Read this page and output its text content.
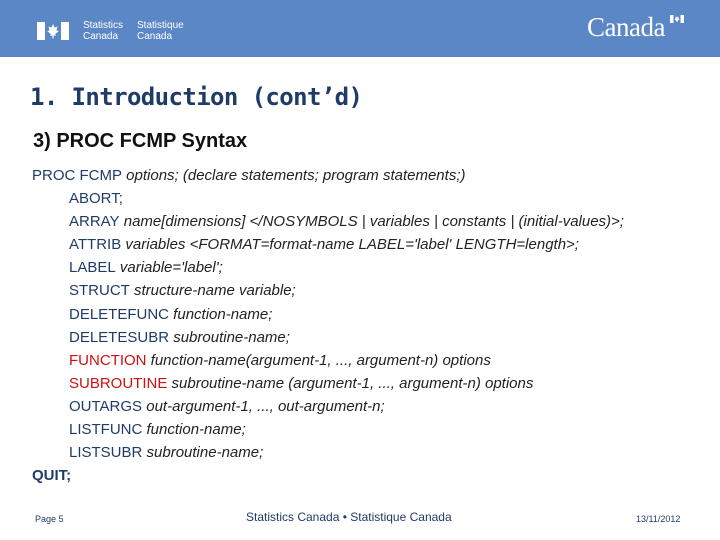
Statistics
Canada
Statistique
Canada	Canada
1. Introduction (cont’d)
3) PROC FCMP Syntax
PROC FCMP options; (declare statements; program statements;)
ABORT;
ARRAY name[dimensions] </NOSYMBOLS | variables | constants | (initial-values)>;
ATTRIB variables <FORMAT=format-name LABEL='label' LENGTH=length>;
LABEL variable='label';
STRUCT structure-name variable;
DELETEFUNC function-name;
DELETESUBR subroutine-name;
FUNCTION function-name(argument-1, ..., argument-n) options
SUBROUTINE subroutine-name (argument-1, ..., argument-n) options
OUTARGS out-argument-1, ..., out-argument-n;
LISTFUNC function-name;
LISTSUBR subroutine-name;
QUIT;
Page 5	Statistics Canada • Statistique Canada	13/11/2012
